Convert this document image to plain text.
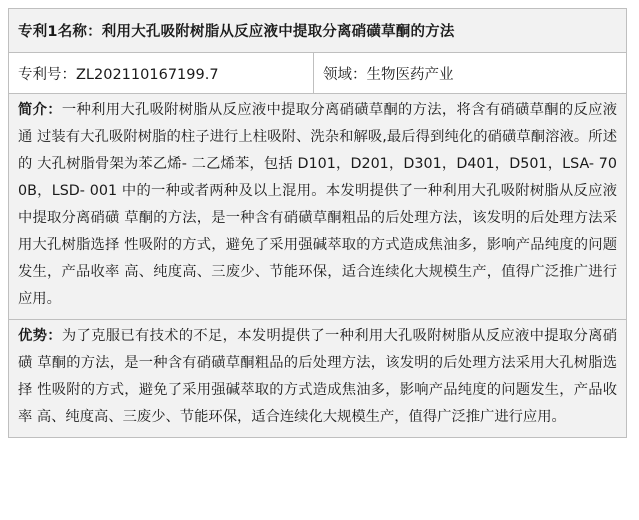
专利1名称：利用大孔吸附树脂从反应液中提取分离硝磺草酮的方法
专利号：ZL202110167199.7	领域：生物医药产业
简介：一种利用大孔吸附树脂从反应液中提取分离硝磺草酮的方法，将含有硝磺草酮的反应液通 过装有大孔吸附树脂的柱子进行上柱吸附、洗杂和解吸,最后得到纯化的硝磺草酮溶液。所述的 大孔树脂骨架为苯乙烯- 二乙烯苯，包括 D101，D201，D301，D401，D501，LSA- 700B，LSD- 001 中的一种或者两种及以上混用。本发明提供了一种利用大孔吸附树脂从反应液中提取分离硝磺 草酮的方法，是一种含有硝磺草酮粗品的后处理方法，该发明的后处理方法采用大孔树脂选择 性吸附的方式，避免了采用强碱萃取的方式造成焦油多，影响产品纯度的问题发生，产品收率 高、纯度高、三废少、节能环保，适合连续化大规模生产，值得广泛推广进行应用。
优势：为了克服已有技术的不足，本发明提供了一种利用大孔吸附树脂从反应液中提取分离硝磺 草酮的方法，是一种含有硝磺草酮粗品的后处理方法，该发明的后处理方法采用大孔树脂选择 性吸附的方式，避免了采用强碱萃取的方式造成焦油多，影响产品纯度的问题发生，产品收率 高、纯度高、三废少、节能环保，适合连续化大规模生产，值得广泛推广进行应用。
